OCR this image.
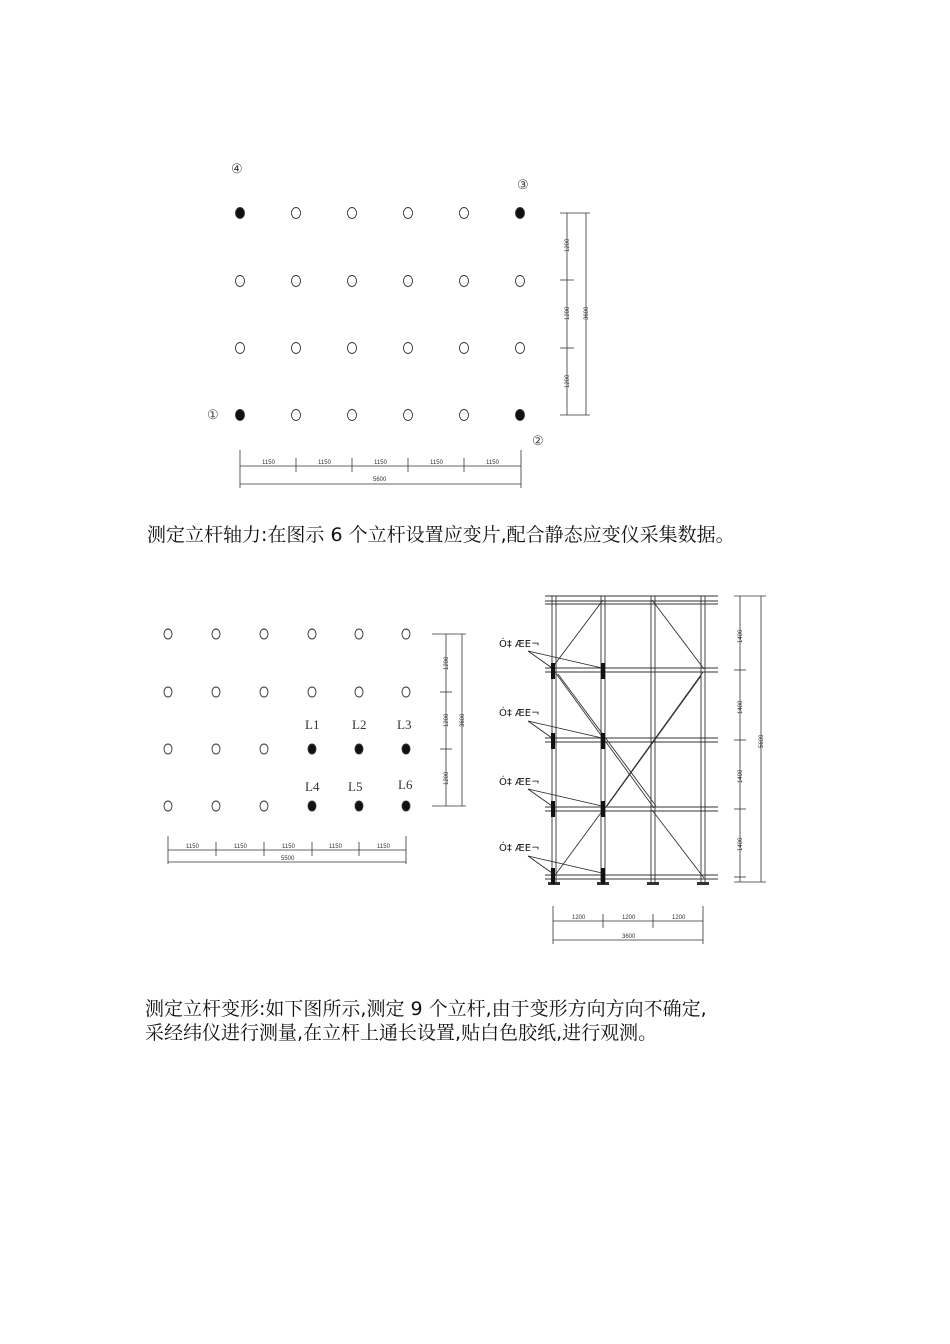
④
③
①
②
1200
1200
1200
3600
1150	1150	1150	1150	1150
5600
L1	L2 L3
L4 L5	L6
1200
1200
1200
3600
1150	1150	1150	1150	1150
5500
Ó‡ ÆE¬
Ó‡ ÆE¬
Ó‡ ÆE¬
Ó‡ ÆE¬
1400
1400
1400
1400
5600
1200	1200	1200
3600
测定立杆轴力:在图示 6 个立杆设置应变片,配合静态应变仪采集数据。
测定立杆变形:如下图所示,测定 9 个立杆,由于变形方向方向不确定,
采经纬仪进行测量,在立杆上通长设置,贴白色胶纸,进行观测。
